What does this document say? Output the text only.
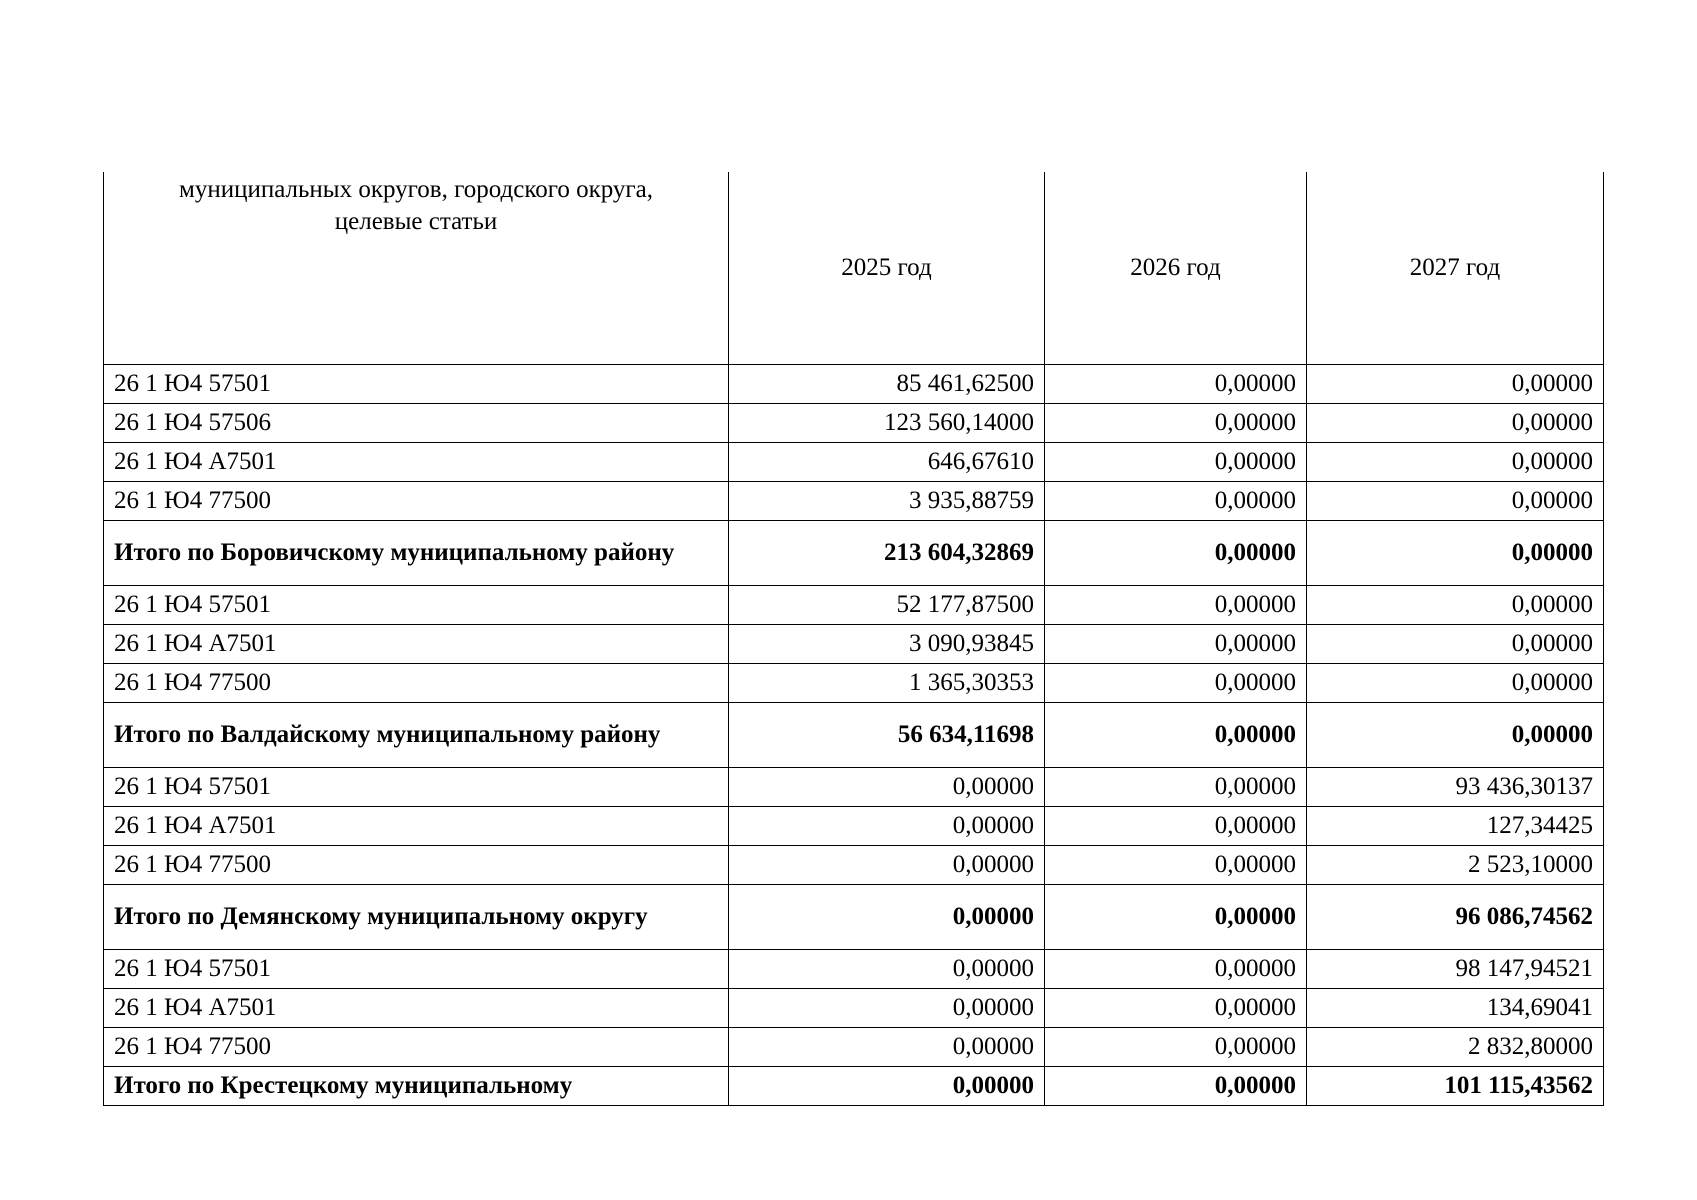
муниципальных округов, городского округа,
целевые статьи	2025 год	2026 год	2027 год
26 1 Ю4 57501	85 461,62500	0,00000	0,00000
26 1 Ю4 57506	123 560,14000	0,00000	0,00000
26 1 Ю4 А7501	646,67610	0,00000	0,00000
26 1 Ю4 77500	3 935,88759	0,00000	0,00000
Итого по Боровичскому муниципальному району	213 604,32869	0,00000	0,00000
26 1 Ю4 57501	52 177,87500	0,00000	0,00000
26 1 Ю4 А7501	3 090,93845	0,00000	0,00000
26 1 Ю4 77500	1 365,30353	0,00000	0,00000
Итого по Валдайскому муниципальному району	56 634,11698	0,00000	0,00000
26 1 Ю4 57501	0,00000	0,00000	93 436,30137
26 1 Ю4 А7501	0,00000	0,00000	127,34425
26 1 Ю4 77500	0,00000	0,00000	2 523,10000
Итого по Демянскому муниципальному округу	0,00000	0,00000	96 086,74562
26 1 Ю4 57501	0,00000	0,00000	98 147,94521
26 1 Ю4 А7501	0,00000	0,00000	134,69041
26 1 Ю4 77500	0,00000	0,00000	2 832,80000
Итого по Крестецкому муниципальному	0,00000	0,00000	101 115,43562
